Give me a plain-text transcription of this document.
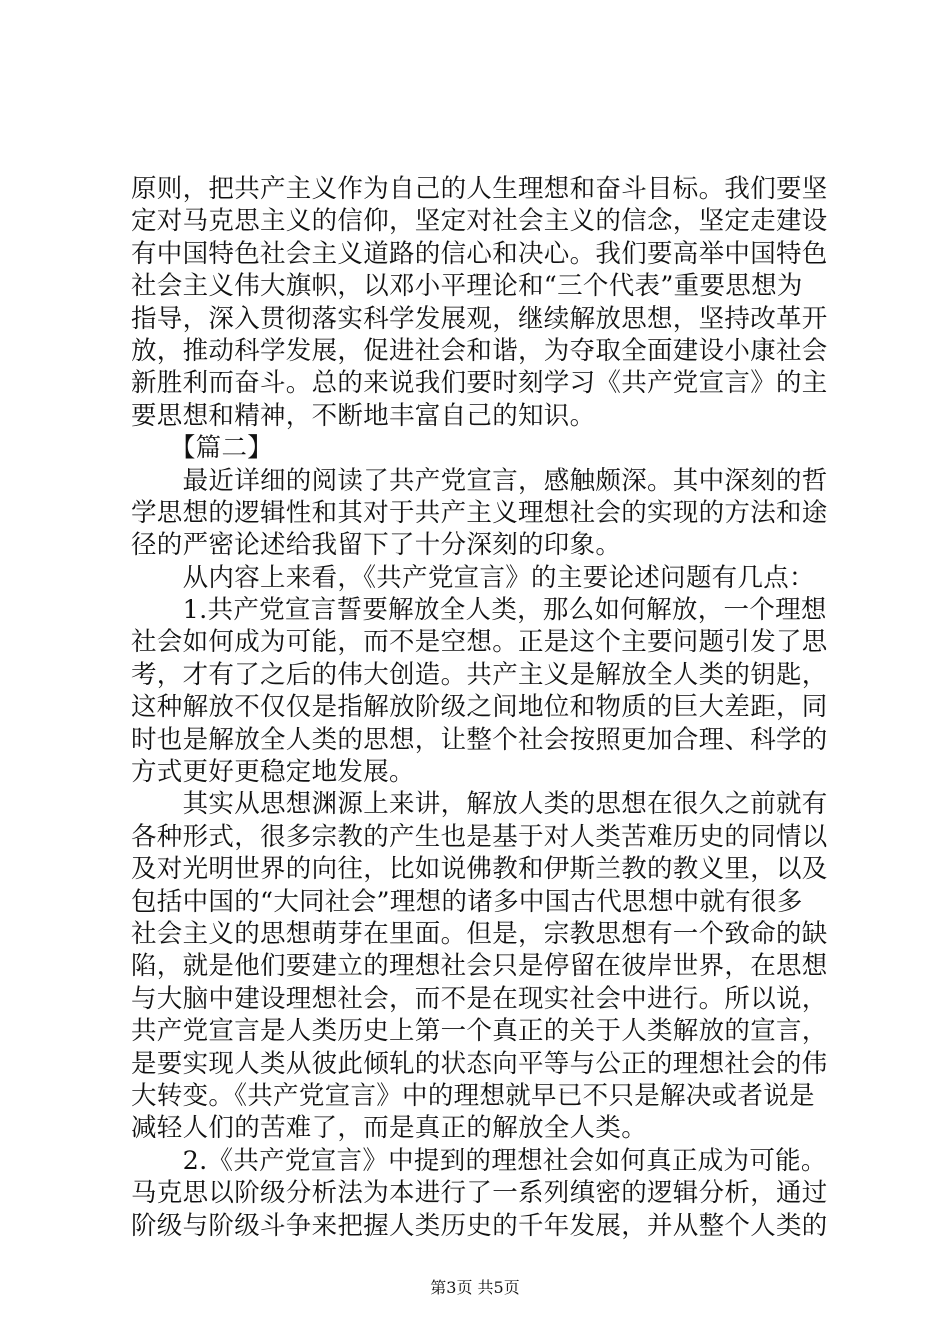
原则，把共产主义作为自己的人生理想和奋斗目标。我们要坚
定对马克思主义的信仰，坚定对社会主义的信念，坚定走建设
有中国特色社会主义道路的信心和决心。我们要高举中国特色
社会主义伟大旗帜，以邓小平理论和“三个代表”重要思想为
指导，深入贯彻落实科学发展观，继续解放思想，坚持改革开
放，推动科学发展，促进社会和谐，为夺取全面建设小康社会
新胜利而奋斗。总的来说我们要时刻学习《共产党宣言》的主
要思想和精神，不断地丰富自己的知识。
　　【篇二】
　　最近详细的阅读了共产党宣言，感触颇深。其中深刻的哲
学思想的逻辑性和其对于共产主义理想社会的实现的方法和途
径的严密论述给我留下了十分深刻的印象。
　　从内容上来看，《共产党宣言》的主要论述问题有几点：
　　1.共产党宣言誓要解放全人类，那么如何解放，一个理想
社会如何成为可能，而不是空想。正是这个主要问题引发了思
考，才有了之后的伟大创造。共产主义是解放全人类的钥匙，
这种解放不仅仅是指解放阶级之间地位和物质的巨大差距，同
时也是解放全人类的思想，让整个社会按照更加合理、科学的
方式更好更稳定地发展。
　　其实从思想渊源上来讲，解放人类的思想在很久之前就有
各种形式，很多宗教的产生也是基于对人类苦难历史的同情以
及对光明世界的向往，比如说佛教和伊斯兰教的教义里，以及
包括中国的“大同社会”理想的诸多中国古代思想中就有很多
社会主义的思想萌芽在里面。但是，宗教思想有一个致命的缺
陷，就是他们要建立的理想社会只是停留在彼岸世界，在思想
与大脑中建设理想社会，而不是在现实社会中进行。所以说，
共产党宣言是人类历史上第一个真正的关于人类解放的宣言，
是要实现人类从彼此倾轧的状态向平等与公正的理想社会的伟
大转变。《共产党宣言》中的理想就早已不只是解决或者说是
减轻人们的苦难了，而是真正的解放全人类。
　　2.《共产党宣言》中提到的理想社会如何真正成为可能。
马克思以阶级分析法为本进行了一系列缜密的逻辑分析，通过
阶级与阶级斗争来把握人类历史的千年发展，并从整个人类的
第3页 共5页
